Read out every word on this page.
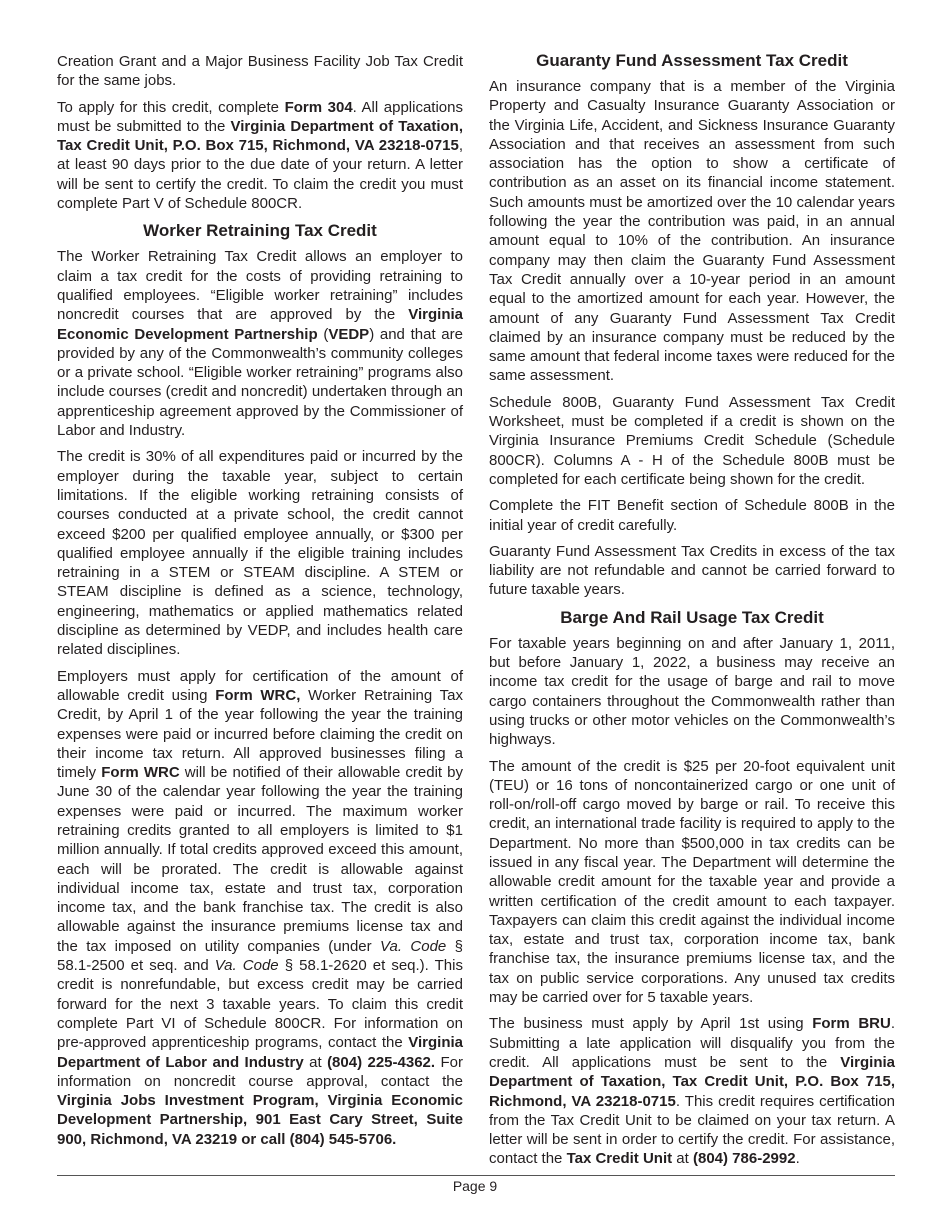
Creation Grant and a Major Business Facility Job Tax Credit for the same jobs.

To apply for this credit, complete Form 304. All applications must be submitted to the Virginia Department of Taxation, Tax Credit Unit, P.O. Box 715, Richmond, VA 23218-0715, at least 90 days prior to the due date of your return. A letter will be sent to certify the credit. To claim the credit you must complete Part V of Schedule 800CR.

Worker Retraining Tax Credit

The Worker Retraining Tax Credit allows an employer to claim a tax credit for the costs of providing retraining to qualified employees. “Eligible worker retraining” includes noncredit courses that are approved by the Virginia Economic Development Partnership (VEDP) and that are provided by any of the Commonwealth’s community colleges or a private school. “Eligible worker retraining” programs also include courses (credit and noncredit) undertaken through an apprenticeship agreement approved by the Commissioner of Labor and Industry.

The credit is 30% of all expenditures paid or incurred by the employer during the taxable year, subject to certain limitations. If the eligible working retraining consists of courses conducted at a private school, the credit cannot exceed $200 per qualified employee annually, or $300 per qualified employee annually if the eligible training includes retraining in a STEM or STEAM discipline. A STEM or STEAM discipline is defined as a science, technology, engineering, mathematics or applied mathematics related discipline as determined by VEDP, and includes health care related disciplines.

Employers must apply for certification of the amount of allowable credit using Form WRC, Worker Retraining Tax Credit, by April 1 of the year following the year the training expenses were paid or incurred before claiming the credit on their income tax return. All approved businesses filing a timely Form WRC will be notified of their allowable credit by June 30 of the calendar year following the year the training expenses were paid or incurred. The maximum worker retraining credits granted to all employers is limited to $1 million annually. If total credits approved exceed this amount, each will be prorated. The credit is allowable against individual income tax, estate and trust tax, corporation income tax, and the bank franchise tax. The credit is also allowable against the insurance premiums license tax and the tax imposed on utility companies (under Va. Code § 58.1-2500 et seq. and Va. Code § 58.1-2620 et seq.). This credit is nonrefundable, but excess credit may be carried forward for the next 3 taxable years. To claim this credit complete Part VI of Schedule 800CR. For information on pre-approved apprenticeship programs, contact the Virginia Department of Labor and Industry at (804) 225-4362. For information on noncredit course approval, contact the Virginia Jobs Investment Program, Virginia Economic Development Partnership, 901 East Cary Street, Suite 900, Richmond, VA 23219 or call (804) 545-5706.

Guaranty Fund Assessment Tax Credit

An insurance company that is a member of the Virginia Property and Casualty Insurance Guaranty Association or the Virginia Life, Accident, and Sickness Insurance Guaranty Association and that receives an assessment from such association has the option to show a certificate of contribution as an asset on its financial income statement. Such amounts must be amortized over the 10 calendar years following the year the contribution was paid, in an annual amount equal to 10% of the contribution. An insurance company may then claim the Guaranty Fund Assessment Tax Credit annually over a 10-year period in an amount equal to the amortized amount for each year. However, the amount of any Guaranty Fund Assessment Tax Credit claimed by an insurance company must be reduced by the same amount that federal income taxes were reduced for the same assessment.

Schedule 800B, Guaranty Fund Assessment Tax Credit Worksheet, must be completed if a credit is shown on the Virginia Insurance Premiums Credit Schedule (Schedule 800CR). Columns A - H of the Schedule 800B must be completed for each certificate being shown for the credit.

Complete the FIT Benefit section of Schedule 800B in the initial year of credit carefully.

Guaranty Fund Assessment Tax Credits in excess of the tax liability are not refundable and cannot be carried forward to future taxable years.

Barge And Rail Usage Tax Credit

For taxable years beginning on and after January 1, 2011, but before January 1, 2022, a business may receive an income tax credit for the usage of barge and rail to move cargo containers throughout the Commonwealth rather than using trucks or other motor vehicles on the Commonwealth’s highways.

The amount of the credit is $25 per 20-foot equivalent unit (TEU) or 16 tons of noncontainerized cargo or one unit of roll-on/roll-off cargo moved by barge or rail. To receive this credit, an international trade facility is required to apply to the Department. No more than $500,000 in tax credits can be issued in any fiscal year. The Department will determine the allowable credit amount for the taxable year and provide a written certification of the credit amount to each taxpayer. Taxpayers can claim this credit against the individual income tax, estate and trust tax, corporation income tax, bank franchise tax, the insurance premiums license tax, and the tax on public service corporations. Any unused tax credits may be carried over for 5 taxable years.

The business must apply by April 1st using Form BRU. Submitting a late application will disqualify you from the credit. All applications must be sent to the Virginia Department of Taxation, Tax Credit Unit, P.O. Box 715, Richmond, VA 23218-0715. This credit requires certification from the Tax Credit Unit to be claimed on your tax return. A letter will be sent in order to certify the credit. For assistance, contact the Tax Credit Unit at (804) 786-2992.

Page 9
